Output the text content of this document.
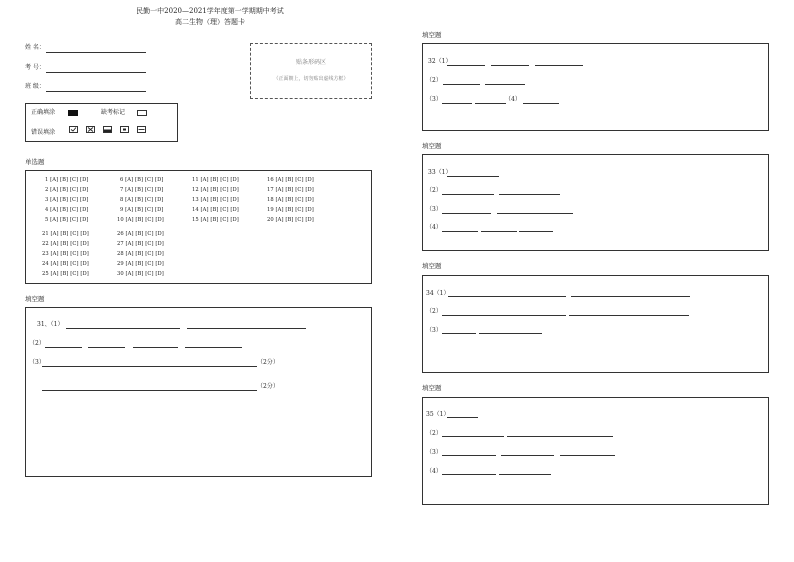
民勤一中2020—2021学年度第一学期期中考试
高二生物（理）答题卡
姓 名：
考 号：
班 级：
贴条形码区
（正面朝上，切勿贴出虚线方框）
正确填涂	缺考标记
错误填涂
单选题
1 [A] [B] [C] [D]
2 [A] [B] [C] [D]
3 [A] [B] [C] [D]
4 [A] [B] [C] [D]
5 [A] [B] [C] [D]
6 [A] [B] [C] [D]
7 [A] [B] [C] [D]
8 [A] [B] [C] [D]
9 [A] [B] [C] [D]
10 [A] [B] [C] [D]
11 [A] [B] [C] [D]
12 [A] [B] [C] [D]
13 [A] [B] [C] [D]
14 [A] [B] [C] [D]
15 [A] [B] [C] [D]
16 [A] [B] [C] [D]
17 [A] [B] [C] [D]
18 [A] [B] [C] [D]
19 [A] [B] [C] [D]
20 [A] [B] [C] [D]
21 [A] [B] [C] [D]
22 [A] [B] [C] [D]
23 [A] [B] [C] [D]
24 [A] [B] [C] [D]
25 [A] [B] [C] [D]
26 [A] [B] [C] [D]
27 [A] [B] [C] [D]
28 [A] [B] [C] [D]
29 [A] [B] [C] [D]
30 [A] [B] [C] [D]
填空题
31、（1）
（2）
（3）	（2分）
（2分）
填空题
32（1）
（2）
（3）	（4）
填空题
33（1）
（2）
（3）
（4）
填空题
34（1）
（2）
（3）
填空题
35（1）
（2）
（3）
（4）
